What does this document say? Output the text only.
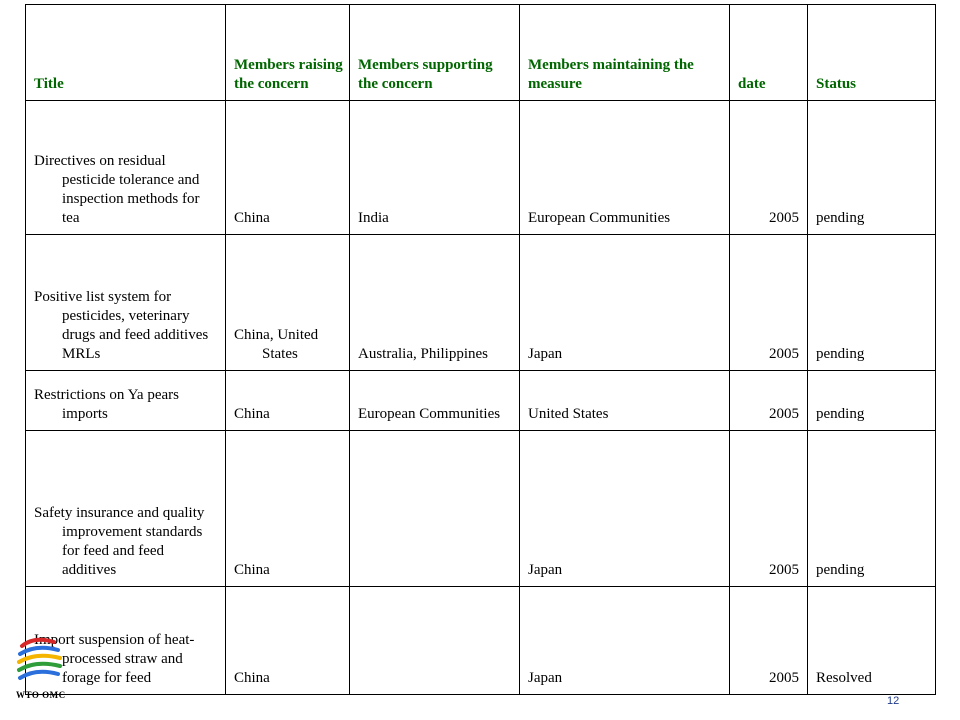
Title	Members raising the concern	Members supporting the concern	Members maintaining the measure	date	Status
Directives on residual pesticide tolerance and inspection methods for tea	China	India	European Communities	2005	pending
Positive list system for pesticides, veterinary drugs and feed additives MRLs	China, United States	Australia, Philippines	Japan	2005	pending
Restrictions on Ya pears imports	China	European Communities	United States	2005	pending
Safety insurance and quality improvement standards for feed and feed additives	China		Japan	2005	pending
Import suspension of heat-processed straw and forage for feed	China		Japan	2005	Resolved
WTO OMC	12
